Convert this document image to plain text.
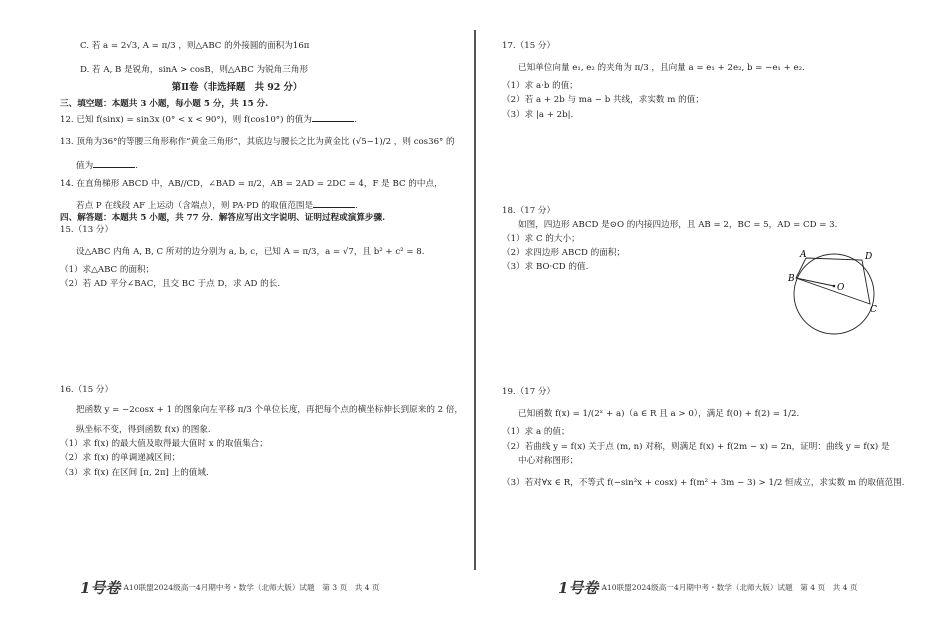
C. 若 a = 2√3, A = π/3 ，则△ABC 的外接圆的面积为16π
D. 若 A, B 是锐角，sinA > cosB，则△ABC 为锐角三角形
第Ⅱ卷（非选择题　共 92 分）
三、填空题：本题共 3 小题，每小题 5 分，共 15 分.
12. 已知 f(sinx) = sin3x (0° < x < 90°)，则 f(cos10°) 的值为	.
13. 顶角为36°的等腰三角形称作“黄金三角形”，其底边与腰长之比为黄金比 (√5−1)/2 ，则 cos36° 的
值为	.
14. 在直角梯形 ABCD 中，AB//CD，∠BAD = π/2，AB = 2AD = 2DC = 4，F 是 BC 的中点，
若点 P 在线段 AF 上运动（含端点），则 PA·PD 的取值范围是	.
四、解答题：本题共 5 小题，共 77 分．解答应写出文字说明、证明过程或演算步骤.
15.（13 分）
设△ABC 内角 A, B, C 所对的边分别为 a, b, c，已知 A = π/3，a = √7，且 b² + c² = 8.
（1）求△ABC 的面积；
（2）若 AD 平分∠BAC，且交 BC 于点 D，求 AD 的长.
16.（15 分）
把函数 y = −2cosx + 1 的图象向左平移 π/3 个单位长度，再把每个点的横坐标伸长到原来的 2 倍，
纵坐标不变，得到函数 f(x) 的图象.
（1）求 f(x) 的最大值及取得最大值时 x 的取值集合；
（2）求 f(x) 的单调递减区间；
（3）求 f(x) 在区间 [π, 2π] 上的值域.
1号卷 A10联盟2024级高一4月期中考・数学（北师大版）试题　第 3 页　共 4 页
17.（15 分）
已知单位向量 e₁, e₂ 的夹角为 π/3 ，且向量 a = e₁ + 2e₂, b = −e₁ + e₂.
（1）求 a·b 的值；
（2）若 a + 2b 与 ma − b 共线，求实数 m 的值；
（3）求 |a + 2b|.
18.（17 分）
如图，四边形 ABCD 是⊙O 的内接四边形，且 AB = 2，BC = 5，AD = CD = 3.
（1）求 C 的大小；
（2）求四边形 ABCD 的面积；
（3）求 BO·CD 的值.
A	D
B
O
C
19.（17 分）
已知函数 f(x) = 1/(2ˣ + a)（a ∈ R 且 a > 0），满足 f(0) + f(2) = 1/2.
（1）求 a 的值；
（2）若曲线 y = f(x) 关于点 (m, n) 对称，则满足 f(x) + f(2m − x) = 2n，证明：曲线 y = f(x) 是
中心对称图形；
（3）若对∀x ∈ R，不等式 f(−sin²x + cosx) + f(m² + 3m − 3) > 1/2 恒成立，求实数 m 的取值范围.
1号卷 A10联盟2024级高一4月期中考・数学（北师大版）试题　第 4 页　共 4 页
